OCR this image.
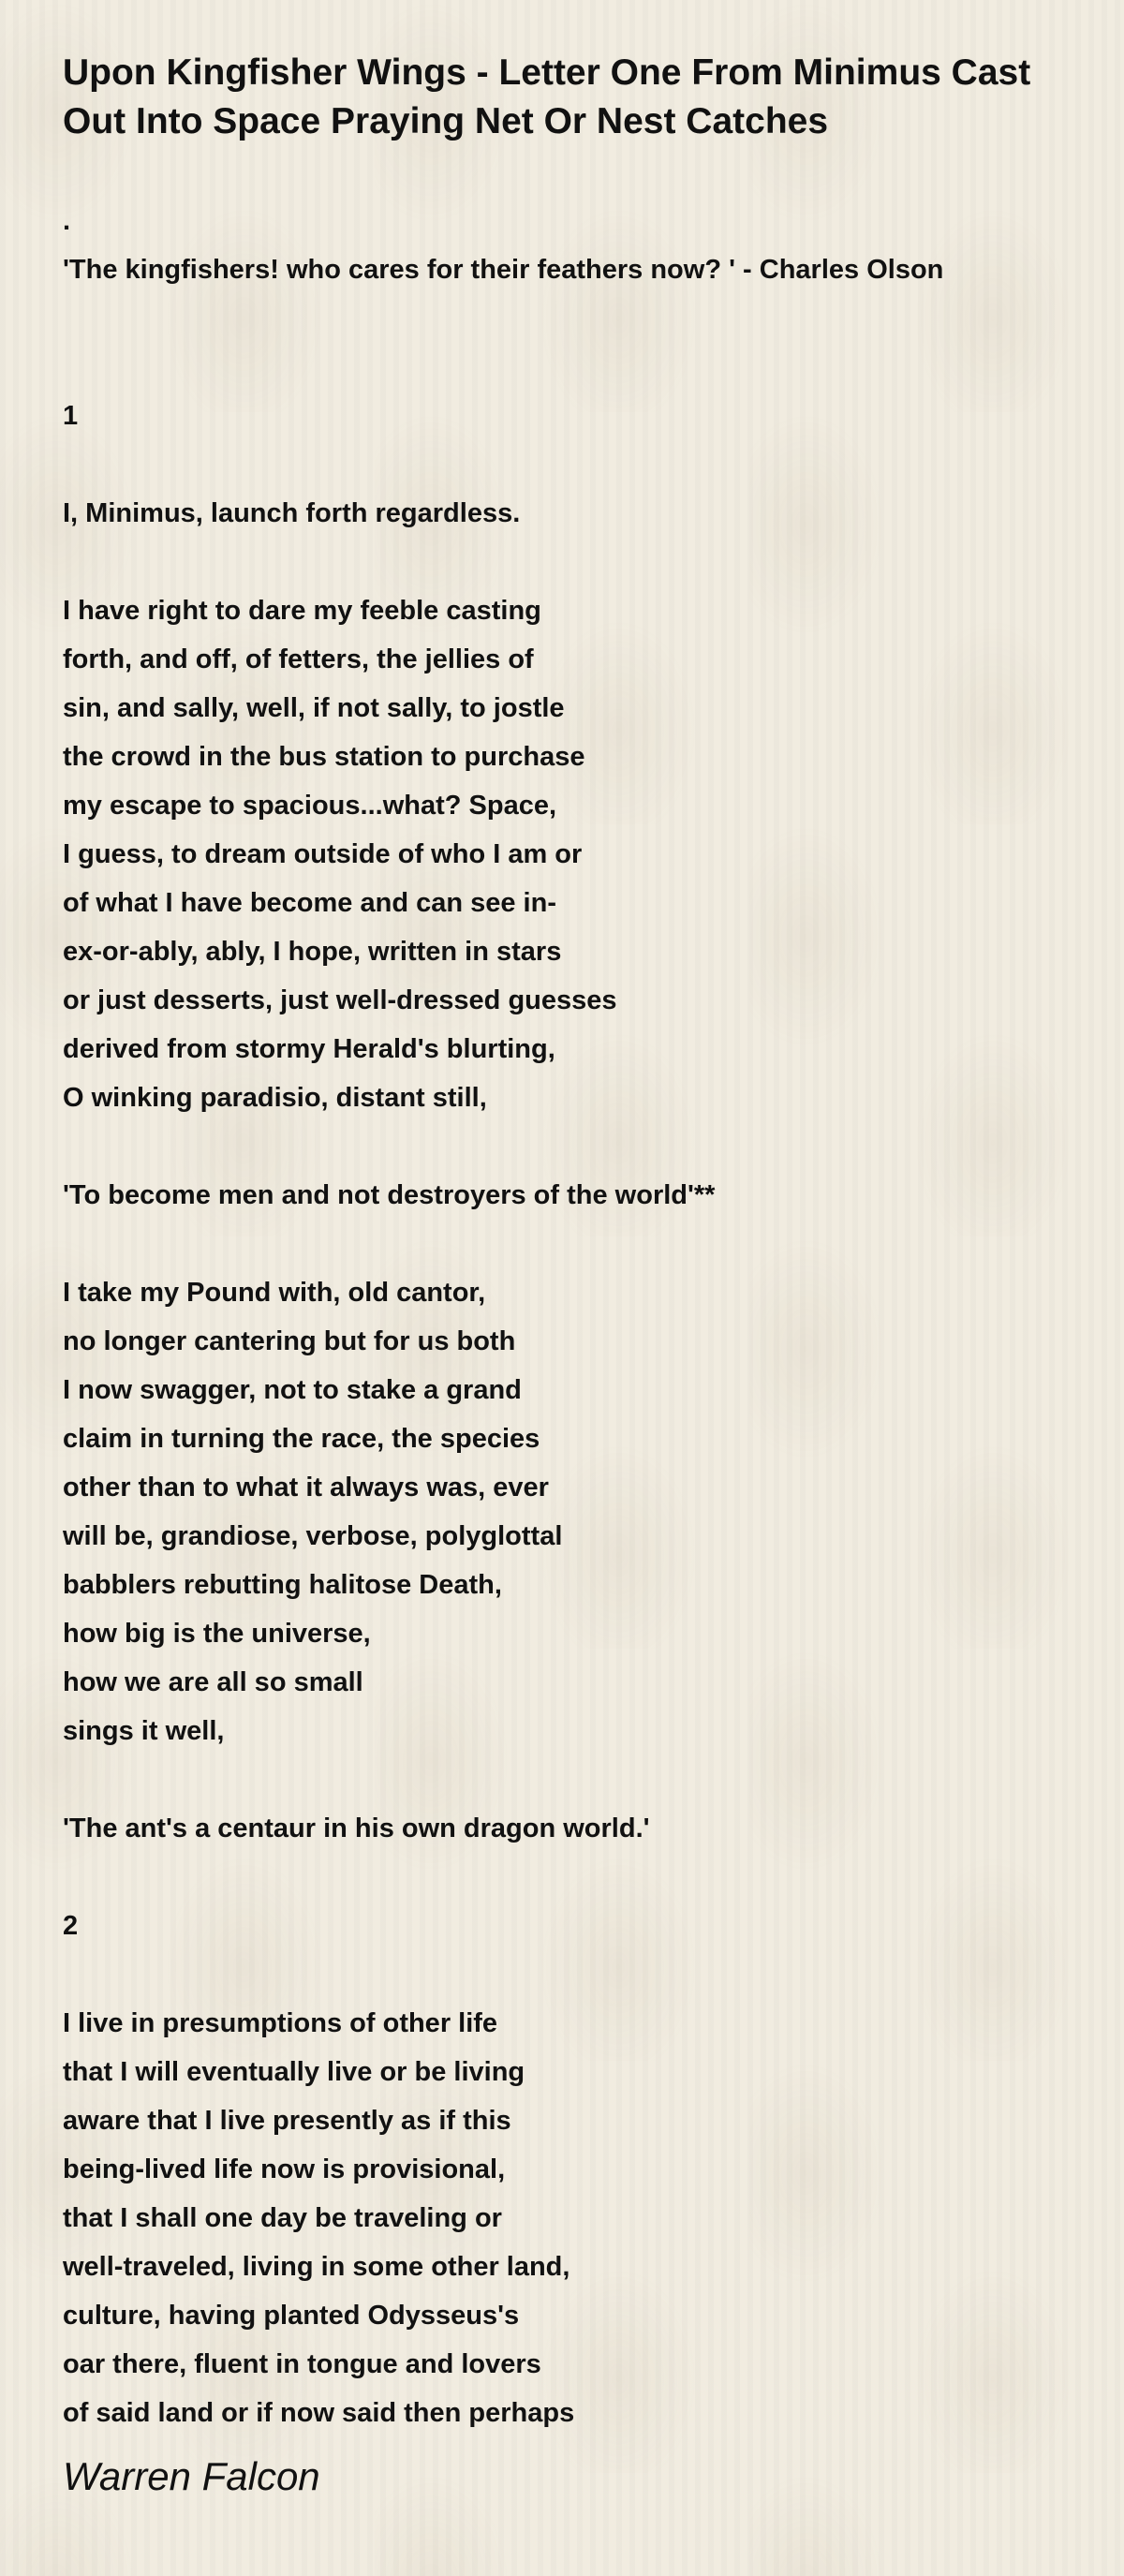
Upon Kingfisher Wings - Letter One From Minimus Cast Out Into Space Praying Net Or Nest Catches
.
'The kingfishers! who cares for their feathers now? ' - Charles Olson
1
I, Minimus, launch forth regardless.
I have right to dare my feeble casting
forth, and off, of fetters, the jellies of
sin, and sally, well, if not sally, to jostle
the crowd in the bus station to purchase
my escape to spacious...what? Space,
I guess, to dream outside of who I am or
of what I have become and can see in-
ex-or-ably, ably, I hope, written in stars
or just desserts, just well-dressed guesses
derived from stormy Herald's blurting,
O winking paradisio, distant still,
'To become men and not destroyers of the world'**
I take my Pound with, old cantor,
no longer cantering but for us both
I now swagger, not to stake a grand
claim in turning the race, the species
other than to what it always was, ever
will be, grandiose, verbose, polyglottal
babblers rebutting halitose Death,
how big is the universe,
how we are all so small
sings it well,
'The ant's a centaur in his own dragon world.'
2
I live in presumptions of other life
that I will eventually live or be living
aware that I live presently as if this
being-lived life now is provisional,
that I shall one day be traveling or
well-traveled, living in some other land,
culture, having planted Odysseus's
oar there, fluent in tongue and lovers
of said land or if now said then perhaps
Warren Falcon
